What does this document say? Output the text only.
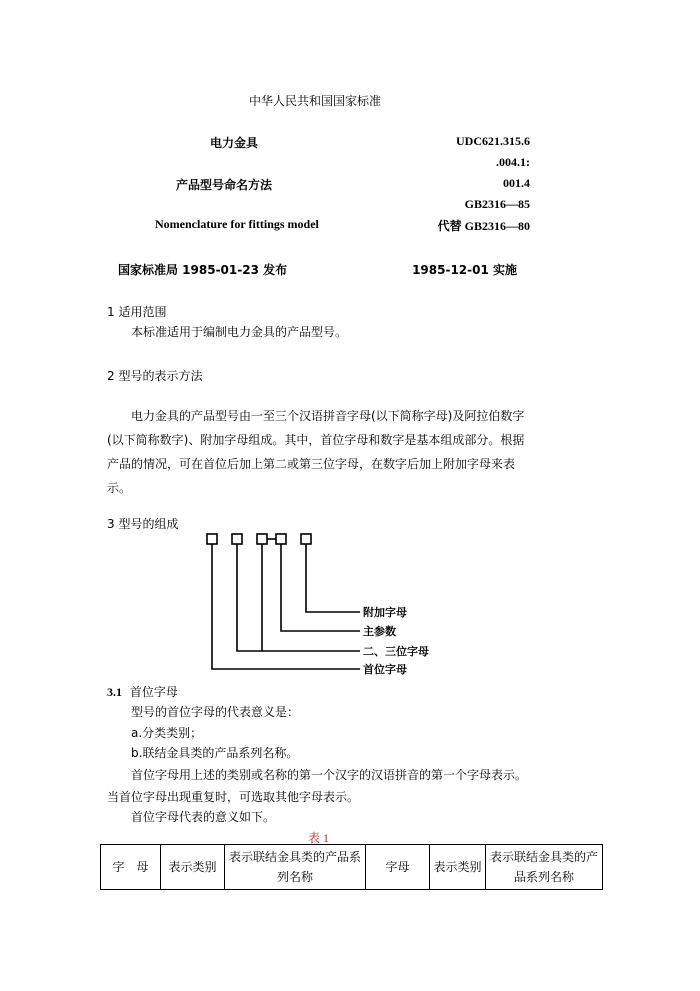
中华人民共和国国家标准
电力金具
产品型号命名方法
Nomenclature for fittings model
UDC621.315.6
.004.1:
001.4
GB2316—85
代替 GB2316—80
国家标准局 1985-01-23 发布	1985-12-01 实施
1 适用范围
本标准适用于编制电力金具的产品型号。
2 型号的表示方法
电力金具的产品型号由一至三个汉语拼音字母(以下简称字母)及阿拉伯数字(以下简称数字)、附加字母组成。其中，首位字母和数字是基本组成部分。根据产品的情况，可在首位后加上第二或第三位字母，在数字后加上附加字母来表示。
3 型号的组成
附加字母
主参数
二、三位字母
首位字母
3.1 首位字母
型号的首位字母的代表意义是：
a.分类类别；
b.联结金具类的产品系列名称。
首位字母用上述的类别或名称的第一个汉字的汉语拼音的第一个字母表示。当首位字母出现重复时，可选取其他字母表示。
首位字母代表的意义如下。
表 1
字　母	表示类别	表示联结金具类的产品系列名称	字母	表示类别	表示联结金具类的产品系列名称
